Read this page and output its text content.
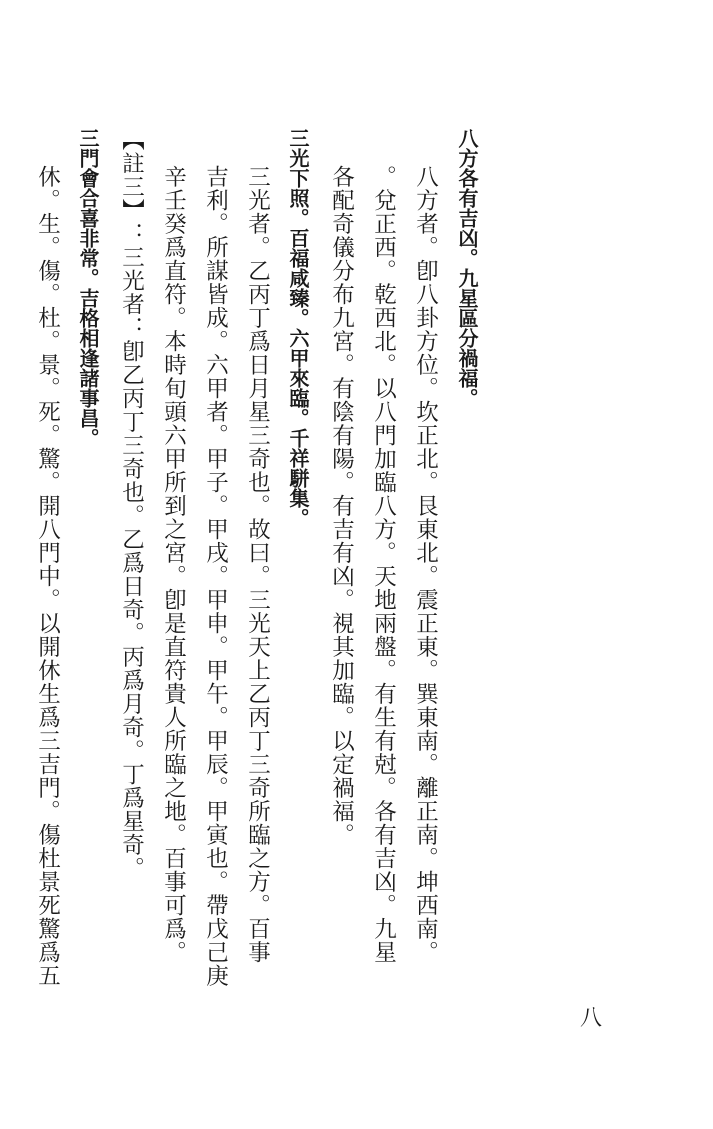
八方各有吉凶。九星區分禍福。
八方者。卽八卦方位。坎正北。艮東北。震正東。巽東南。離正南。坤西南。
。兌正西。乾西北。以八門加臨八方。天地兩盤。有生有尅。各有吉凶。九星
各配奇儀分布九宮。有陰有陽。有吉有凶。視其加臨。以定禍福。
三光下照。百福咸臻。六甲來臨。千祥駢集。
三光者。乙丙丁爲日月星三奇也。故曰。三光天上乙丙丁三奇所臨之方。百事
吉利。所謀皆成。六甲者。甲子。甲戌。甲申。甲午。甲辰。甲寅也。帶戊己庚
辛壬癸爲直符。本時旬頭六甲所到之宮。卽是直符貴人所臨之地。百事可爲。
【註三】：三光者：卽乙丙丁三奇也。乙爲日奇。丙爲月奇。丁爲星奇。
三門會合喜非常。吉格相逢諸事昌。
休。生。傷。杜。景。死。驚。開八門中。以開休生爲三吉門。傷杜景死驚爲五
八
